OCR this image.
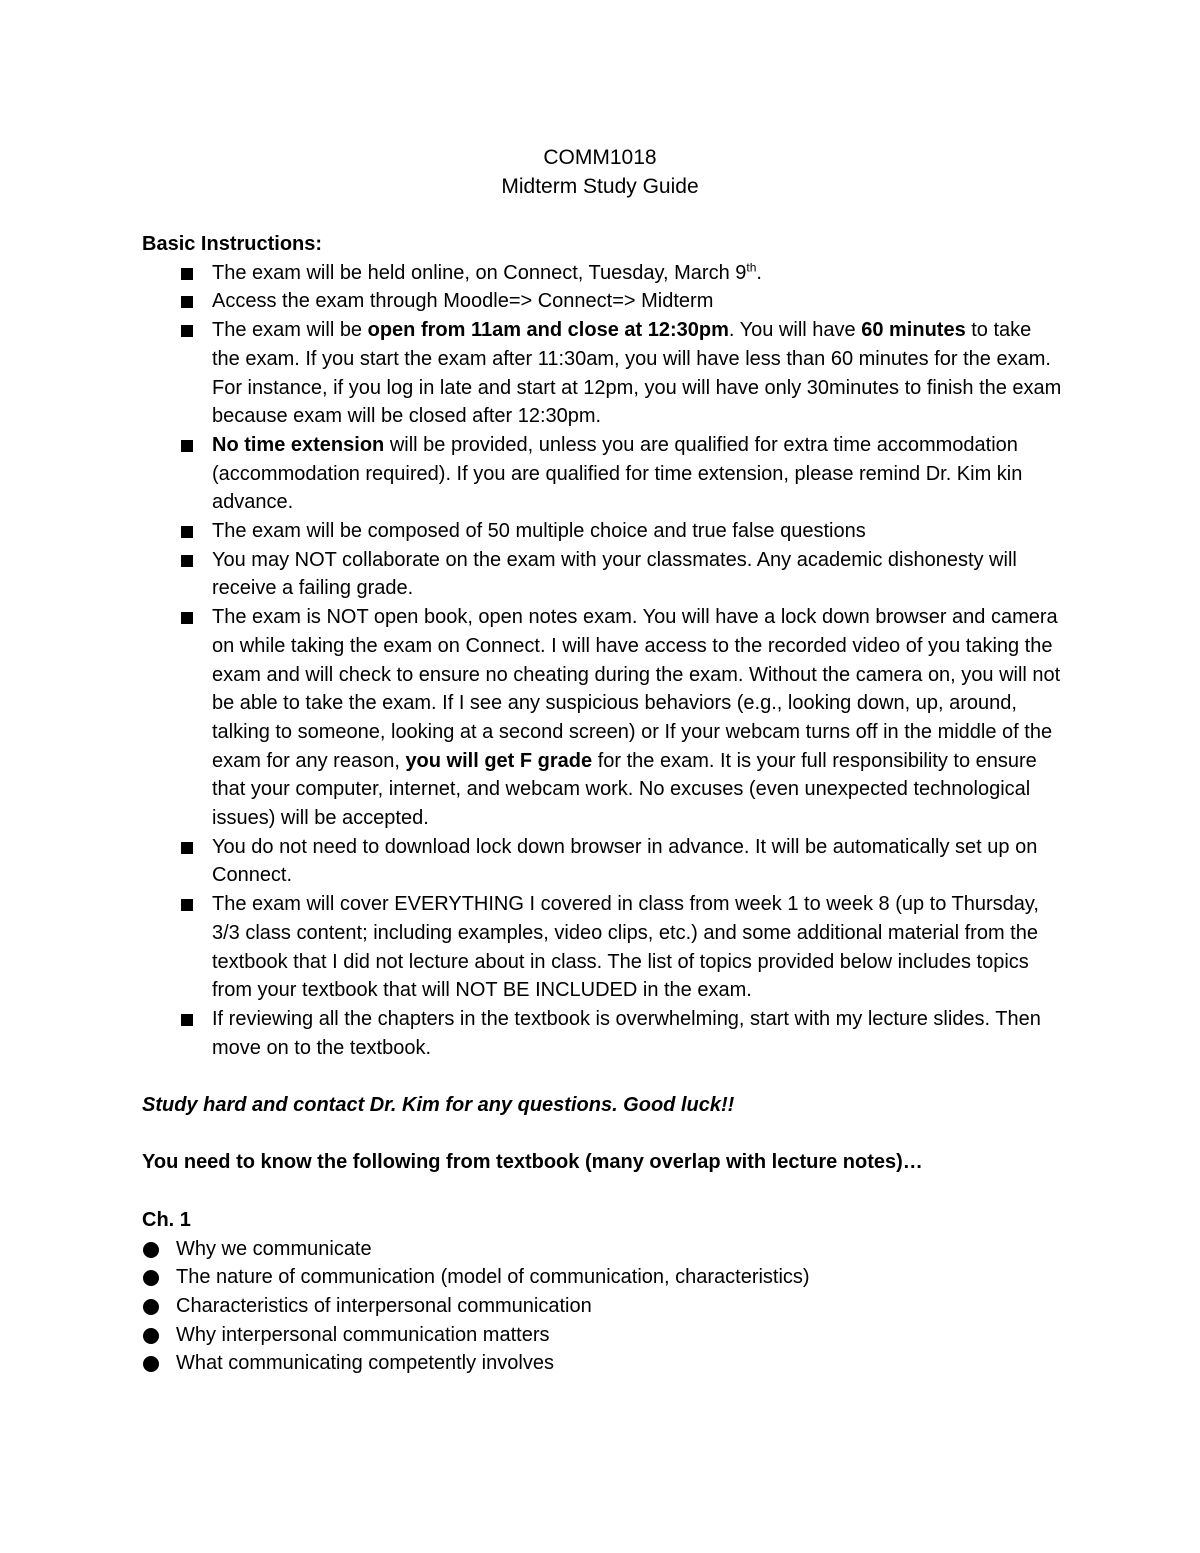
COMM1018
Midterm Study Guide

Basic Instructions:

The exam will be held online, on Connect, Tuesday, March 9th.
Access the exam through Moodle=> Connect=> Midterm
The exam will be open from 11am and close at 12:30pm. You will have 60 minutes to take the exam. If you start the exam after 11:30am, you will have less than 60 minutes for the exam. For instance, if you log in late and start at 12pm, you will have only 30minutes to finish the exam because exam will be closed after 12:30pm.
No time extension will be provided, unless you are qualified for extra time accommodation (accommodation required). If you are qualified for time extension, please remind Dr. Kim kin advance.
The exam will be composed of 50 multiple choice and true false questions
You may NOT collaborate on the exam with your classmates. Any academic dishonesty will receive a failing grade.
The exam is NOT open book, open notes exam. You will have a lock down browser and camera on while taking the exam on Connect. I will have access to the recorded video of you taking the exam and will check to ensure no cheating during the exam. Without the camera on, you will not be able to take the exam. If I see any suspicious behaviors (e.g., looking down, up, around, talking to someone, looking at a second screen) or If your webcam turns off in the middle of the exam for any reason, you will get F grade for the exam. It is your full responsibility to ensure that your computer, internet, and webcam work. No excuses (even unexpected technological issues) will be accepted.
You do not need to download lock down browser in advance. It will be automatically set up on Connect.
The exam will cover EVERYTHING I covered in class from week 1 to week 8 (up to Thursday, 3/3 class content; including examples, video clips, etc.) and some additional material from the textbook that I did not lecture about in class. The list of topics provided below includes topics from your textbook that will NOT BE INCLUDED in the exam.
If reviewing all the chapters in the textbook is overwhelming, start with my lecture slides. Then move on to the textbook.

Study hard and contact Dr. Kim for any questions. Good luck!!

You need to know the following from textbook (many overlap with lecture notes)…

Ch. 1

Why we communicate
The nature of communication (model of communication, characteristics)
Characteristics of interpersonal communication
Why interpersonal communication matters
What communicating competently involves
